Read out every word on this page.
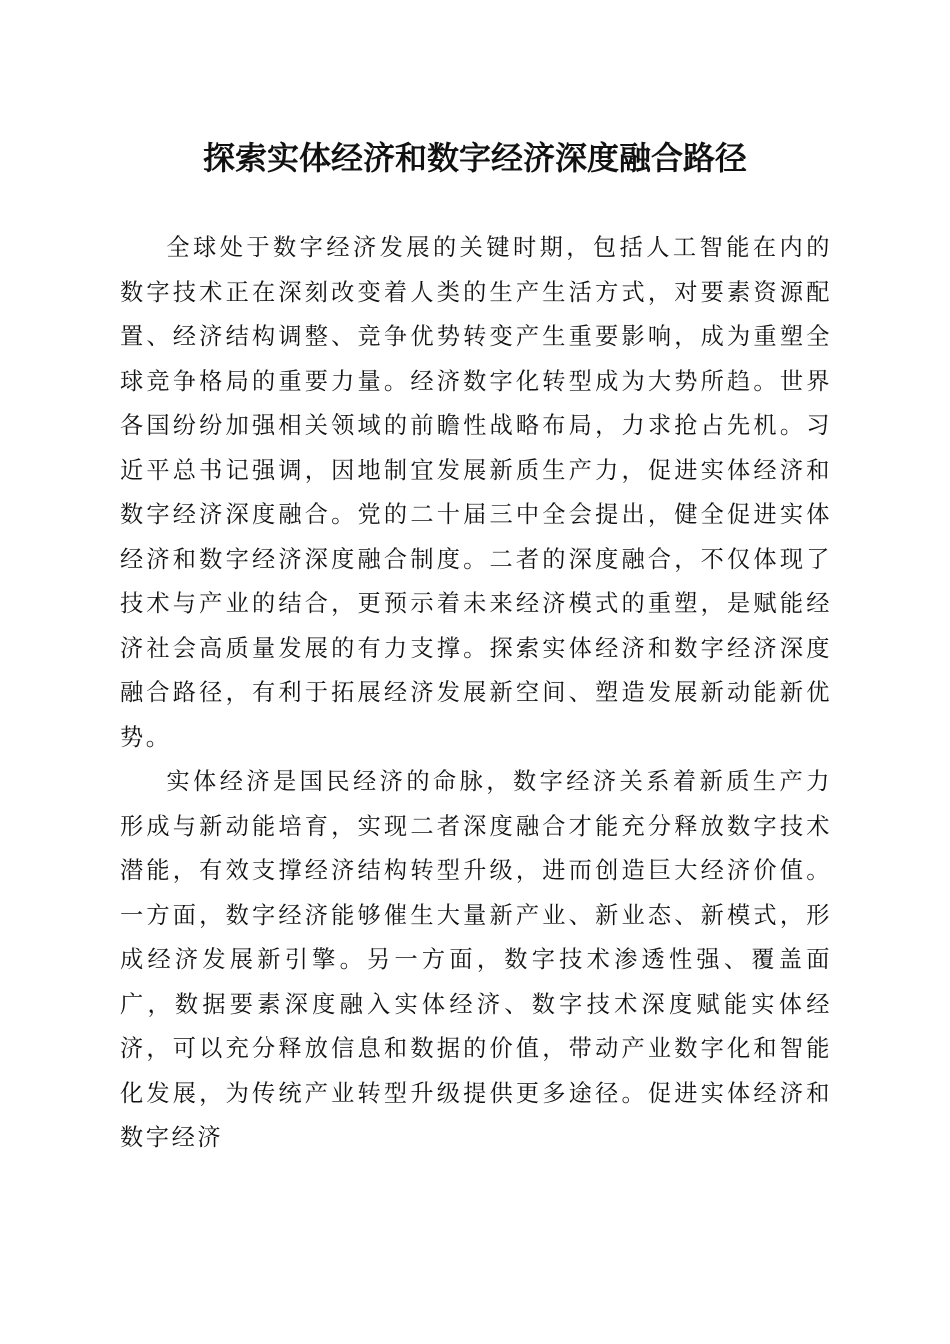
探索实体经济和数字经济深度融合路径

全球处于数字经济发展的关键时期，包括人工智能在内的数字技术正在深刻改变着人类的生产生活方式，对要素资源配置、经济结构调整、竞争优势转变产生重要影响，成为重塑全球竞争格局的重要力量。经济数字化转型成为大势所趋。世界各国纷纷加强相关领域的前瞻性战略布局，力求抢占先机。习近平总书记强调，因地制宜发展新质生产力，促进实体经济和数字经济深度融合。党的二十届三中全会提出，健全促进实体经济和数字经济深度融合制度。二者的深度融合，不仅体现了技术与产业的结合，更预示着未来经济模式的重塑，是赋能经济社会高质量发展的有力支撑。探索实体经济和数字经济深度融合路径，有利于拓展经济发展新空间、塑造发展新动能新优势。

实体经济是国民经济的命脉，数字经济关系着新质生产力形成与新动能培育，实现二者深度融合才能充分释放数字技术潜能，有效支撑经济结构转型升级，进而创造巨大经济价值。一方面，数字经济能够催生大量新产业、新业态、新模式，形成经济发展新引擎。另一方面，数字技术渗透性强、覆盖面广，数据要素深度融入实体经济、数字技术深度赋能实体经济，可以充分释放信息和数据的价值，带动产业数字化和智能化发展，为传统产业转型升级提供更多途径。促进实体经济和数字经济
